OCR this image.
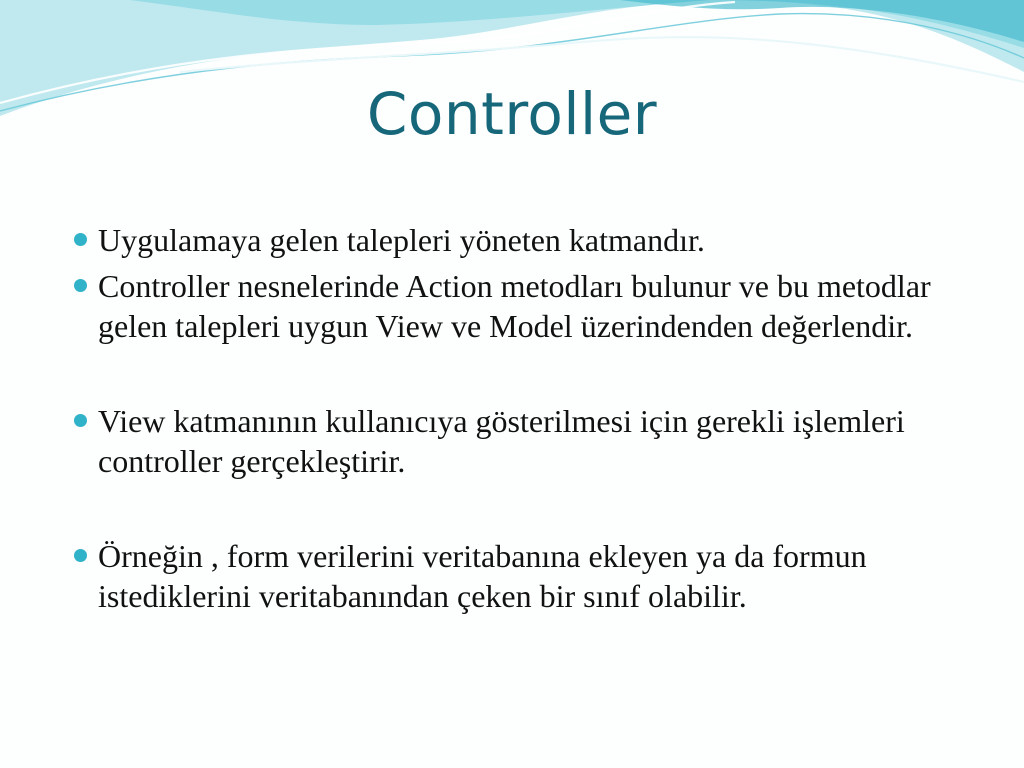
Controller
Uygulamaya gelen talepleri yöneten katmandır.
Controller nesnelerinde Action metodları bulunur ve bu metodlar gelen talepleri uygun View ve Model üzerindenden değerlendir.
View katmanının kullanıcıya gösterilmesi için gerekli işlemleri controller gerçekleştirir.
Örneğin , form verilerini veritabanına ekleyen ya da formun istediklerini veritabanından çeken bir sınıf olabilir.
